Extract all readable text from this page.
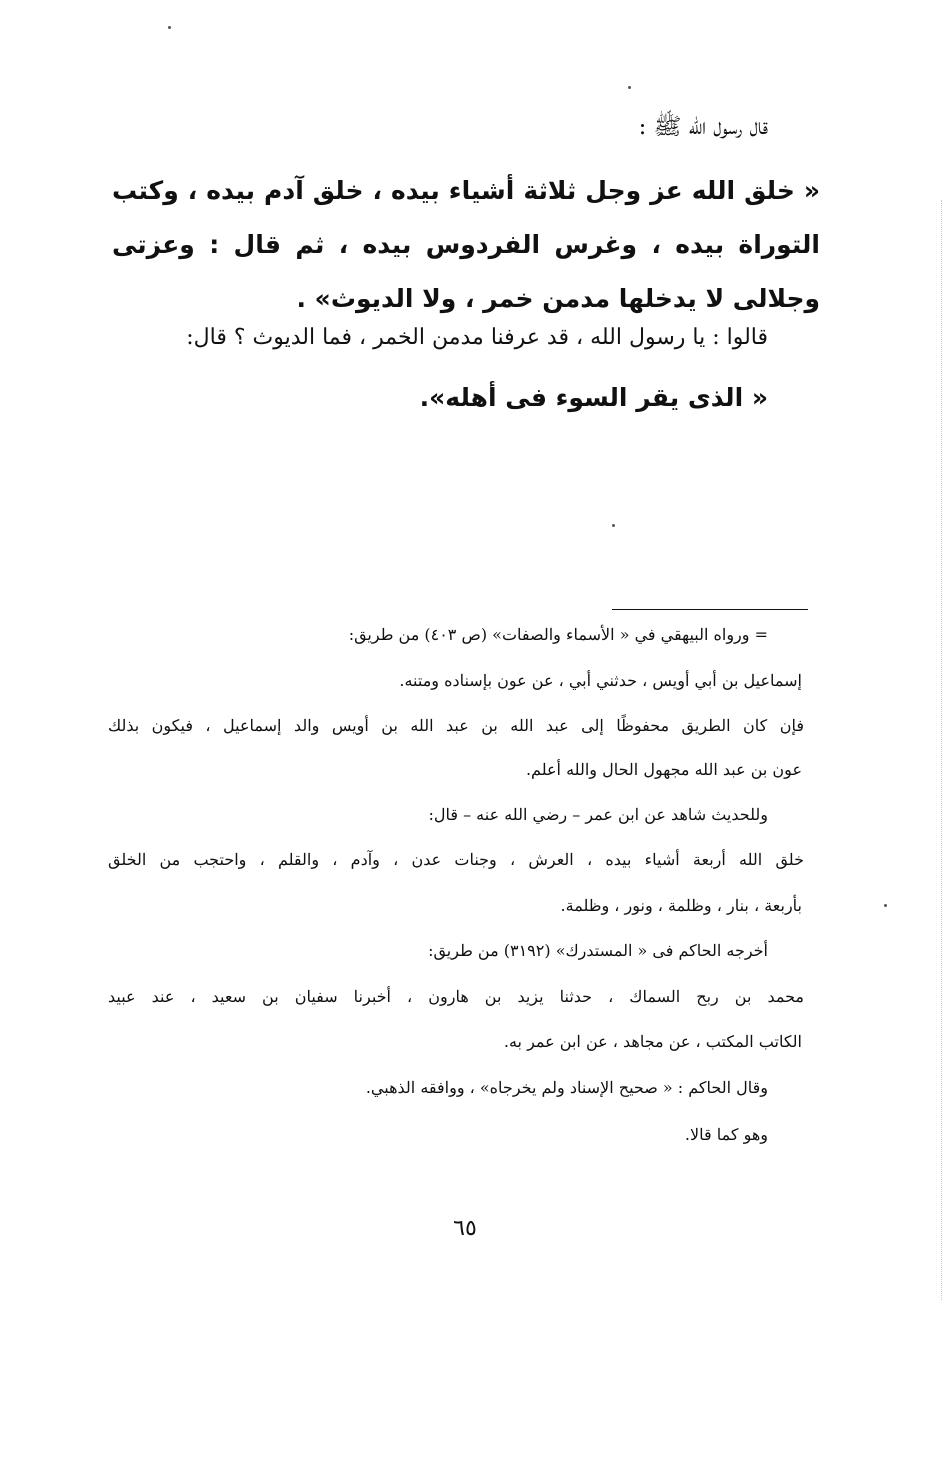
قال رسول الله ﷺ :
« خلق الله عز وجل ثلاثة أشياء بيده ، خلق آدم بيده ، وكتب التوراة بيده ، وغرس الفردوس بيده ، ثم قال : وعزتى وجلالى لا يدخلها مدمن خمر ، ولا الديوث» .
قالوا : يا رسول الله ، قد عرفنا مدمن الخمر ، فما الديوث ؟ قال:
« الذى يقر السوء فى أهله».
= ورواه البيهقي في « الأسماء والصفات» (ص ٤٠٣) من طريق:
إسماعيل بن أبي أويس ، حدثني أبي ، عن عون بإسناده ومتنه.
فإن كان الطريق محفوظًا إلى عبد الله بن عبد الله بن أويس والد إسماعيل ، فيكون بذلك
عون بن عبد الله مجهول الحال والله أعلم.
وللحديث شاهد عن ابن عمر – رضي الله عنه – قال:
خلق الله أربعة أشياء بيده ، العرش ، وجنات عدن ، وآدم ، والقلم ، واحتجب من الخلق
بأربعة ، بنار ، وظلمة ، ونور ، وظلمة.
أخرجه الحاكم فى « المستدرك» (٣١٩٢) من طريق:
محمد بن ربح السماك ، حدثنا يزيد بن هارون ، أخبرنا سفيان بن سعيد ، عند عبيد
الكاتب المكتب ، عن مجاهد ، عن ابن عمر به.
وقال الحاكم : « صحيح الإسناد ولم يخرجاه» ، ووافقه الذهبي.
وهو كما قالا.
٦٥
